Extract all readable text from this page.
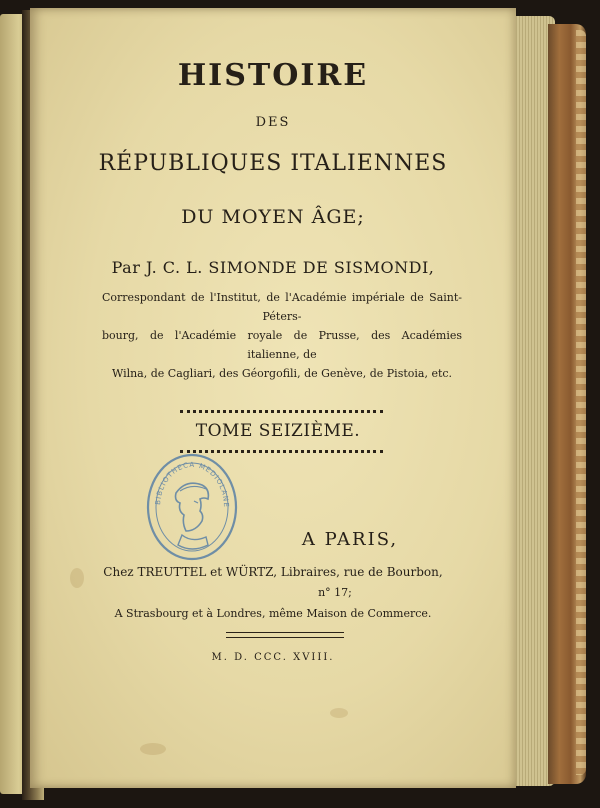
HISTOIRE
DES
RÉPUBLIQUES ITALIENNES
DU MOYEN ÂGE;
Par J. C. L. SIMONDE DE SISMONDI,
Correspondant de l'Institut, de l'Académie impériale de Saint-Péters-
bourg, de l'Académie royale de Prusse, des Académies italienne, de
Wilna, de Cagliari, des Géorgofili, de Genève, de Pistoia, etc.
TOME SEIZIÈME.
BIBLIOTHECA MEDIOLANE
A PARIS,
Chez TREUTTEL et WÜRTZ, Libraires, rue de Bourbon,
n° 17;
A Strasbourg et à Londres, même Maison de Commerce.
M. D. CCC. XVIII.
